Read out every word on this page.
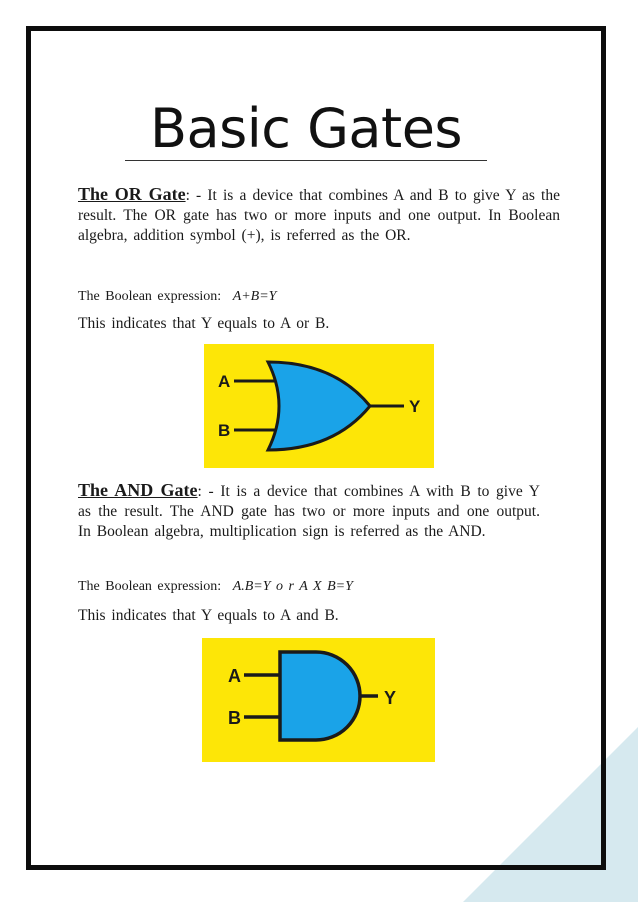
Basic Gates
The OR Gate: - It is a device that combines A and B to give Y as the result. The OR gate has two or more inputs and one output. In Boolean algebra, addition symbol (+), is referred as the OR.
The Boolean expression: A+B=Y
This indicates that Y equals to A or B.
A
B
Y
The AND Gate: - It is a device that combines A with B to give Y as the result. The AND gate has two or more inputs and one output. In Boolean algebra, multiplication sign is referred as the AND.
The Boolean expression: A.B=Y o r A X B=Y
This indicates that Y equals to A and B.
A
B
Y
